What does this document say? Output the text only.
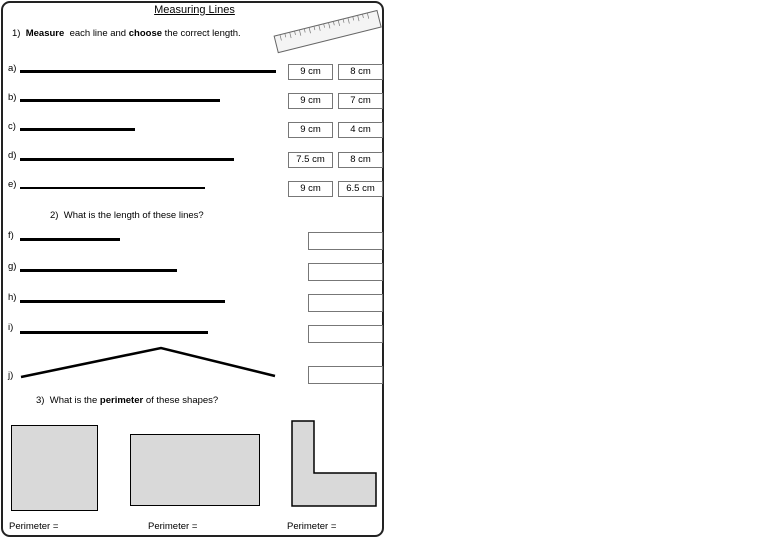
Measuring Lines
1) Measure each line and choose the correct length.
a)	9 cm	8 cm
b)	9 cm	7 cm
c)	9 cm	4 cm
d)	7.5 cm	8 cm
e)	9 cm	6.5 cm
2) What is the length of these lines?
f)
g)
h)
i)
j)
3) What is the perimeter of these shapes?
Perimeter =	Perimeter =	Perimeter =
